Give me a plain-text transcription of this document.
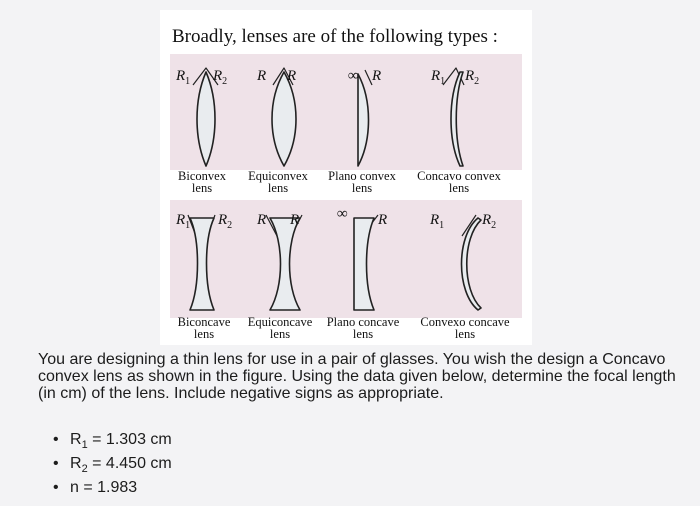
Broadly, lenses are of the following types :
$R_1$ $R_2$ R R	∞ R	$R_1$ $R_2$
Biconvex
lens
Equiconvex
lens
Plano convex
lens
Concavo convex
lens
$R_1$ $R_2$ R R	∞ R	$R_1$	$R_2$
Biconcave
lens
Equiconcave
lens
Plano concave
lens
Convexo concave
lens
You are designing a thin lens for use in a pair of glasses. You wish the design a Concavo convex lens as shown in the figure. Using the data given below, determine the focal length (in cm) of the lens. Include negative signs as appropriate.
• $R_1 = 1.303$ cm
• $R_2 = 4.450$ cm
• n = 1.983
